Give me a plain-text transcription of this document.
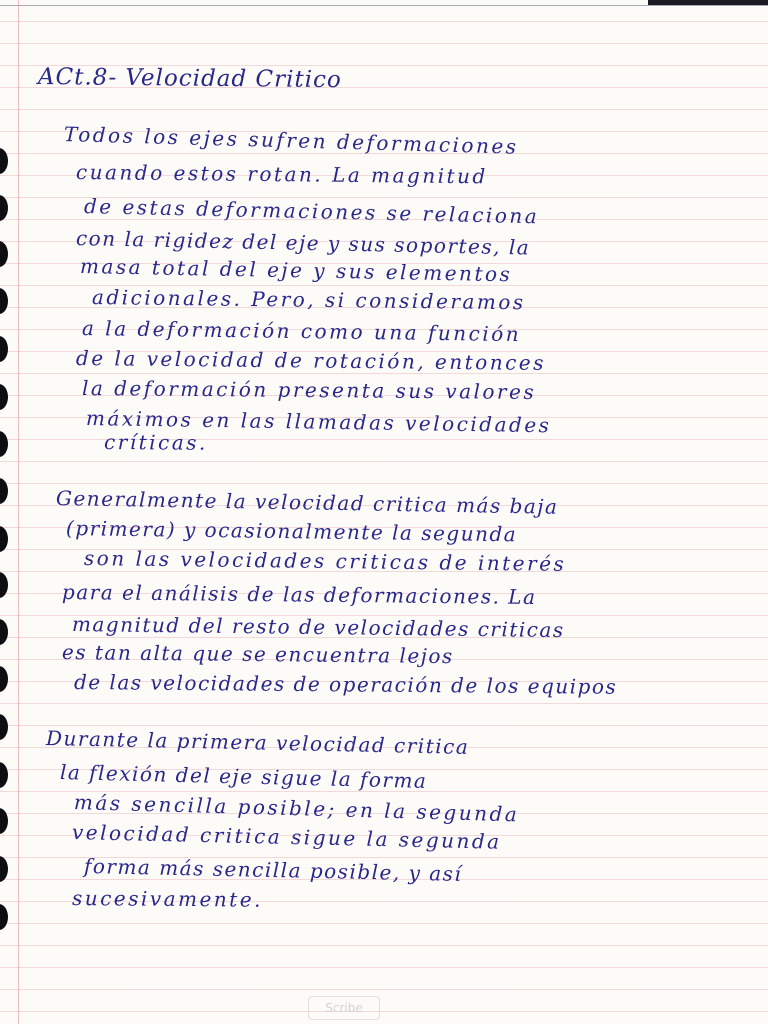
ACt.8- Velocidad Critico
Todos los ejes sufren deformaciones
cuando estos rotan. La magnitud
de estas deformaciones se relaciona
con la rigidez del eje y sus soportes, la
masa total del eje y sus elementos
adicionales. Pero, si consideramos
a la deformación como una función
de la velocidad de rotación, entonces
la deformación presenta sus valores
máximos en las llamadas velocidades
críticas.
Generalmente la velocidad critica más baja
(primera) y ocasionalmente la segunda
son las velocidades criticas de interés
para el análisis de las deformaciones. La
magnitud del resto de velocidades criticas
es tan alta que se encuentra lejos
de las velocidades de operación de los equipos
Durante la primera velocidad critica
la flexión del eje sigue la forma
más sencilla posible; en la segunda
velocidad critica sigue la segunda
forma más sencilla posible, y así
sucesivamente.
Scribe
